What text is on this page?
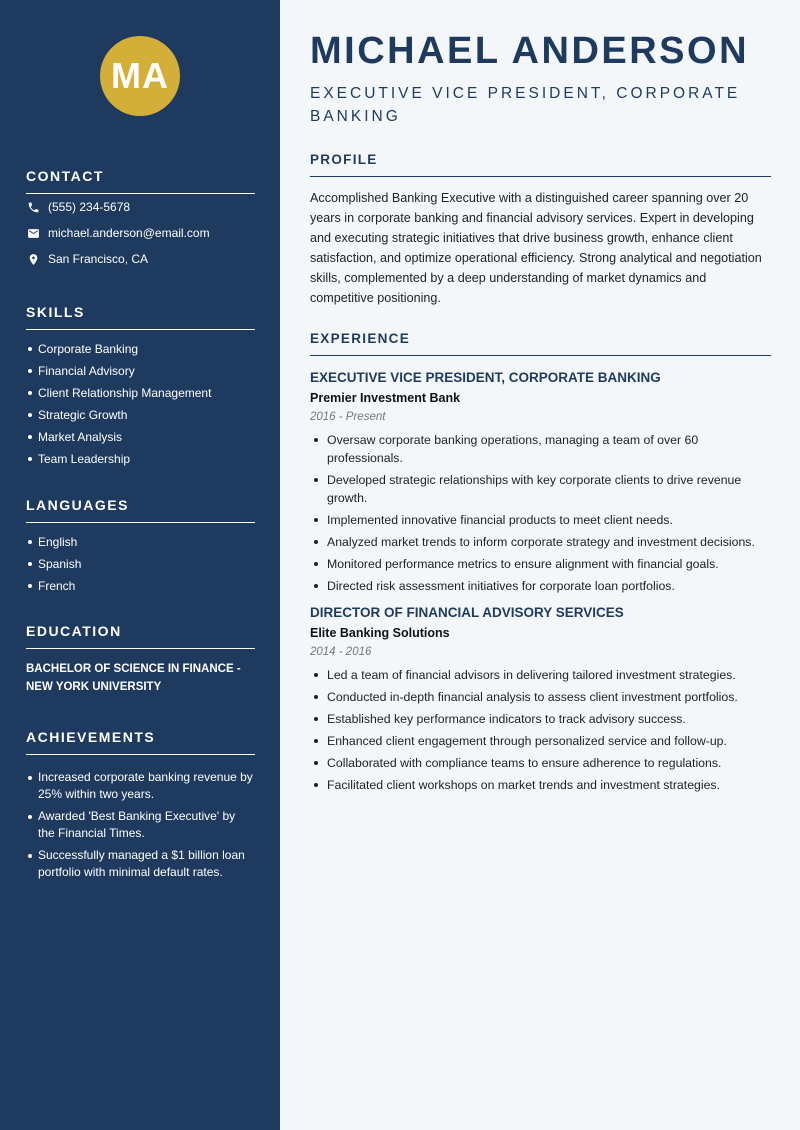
MA
CONTACT
(555) 234-5678
michael.anderson@email.com
San Francisco, CA
SKILLS
Corporate Banking
Financial Advisory
Client Relationship Management
Strategic Growth
Market Analysis
Team Leadership
LANGUAGES
English
Spanish
French
EDUCATION
BACHELOR OF SCIENCE IN FINANCE - NEW YORK UNIVERSITY
ACHIEVEMENTS
Increased corporate banking revenue by 25% within two years.
Awarded 'Best Banking Executive' by the Financial Times.
Successfully managed a $1 billion loan portfolio with minimal default rates.
MICHAEL ANDERSON
EXECUTIVE VICE PRESIDENT, CORPORATE BANKING
PROFILE
Accomplished Banking Executive with a distinguished career spanning over 20 years in corporate banking and financial advisory services. Expert in developing and executing strategic initiatives that drive business growth, enhance client satisfaction, and optimize operational efficiency. Strong analytical and negotiation skills, complemented by a deep understanding of market dynamics and competitive positioning.
EXPERIENCE
EXECUTIVE VICE PRESIDENT, CORPORATE BANKING
Premier Investment Bank
2016 - Present
Oversaw corporate banking operations, managing a team of over 60 professionals.
Developed strategic relationships with key corporate clients to drive revenue growth.
Implemented innovative financial products to meet client needs.
Analyzed market trends to inform corporate strategy and investment decisions.
Monitored performance metrics to ensure alignment with financial goals.
Directed risk assessment initiatives for corporate loan portfolios.
DIRECTOR OF FINANCIAL ADVISORY SERVICES
Elite Banking Solutions
2014 - 2016
Led a team of financial advisors in delivering tailored investment strategies.
Conducted in-depth financial analysis to assess client investment portfolios.
Established key performance indicators to track advisory success.
Enhanced client engagement through personalized service and follow-up.
Collaborated with compliance teams to ensure adherence to regulations.
Facilitated client workshops on market trends and investment strategies.
